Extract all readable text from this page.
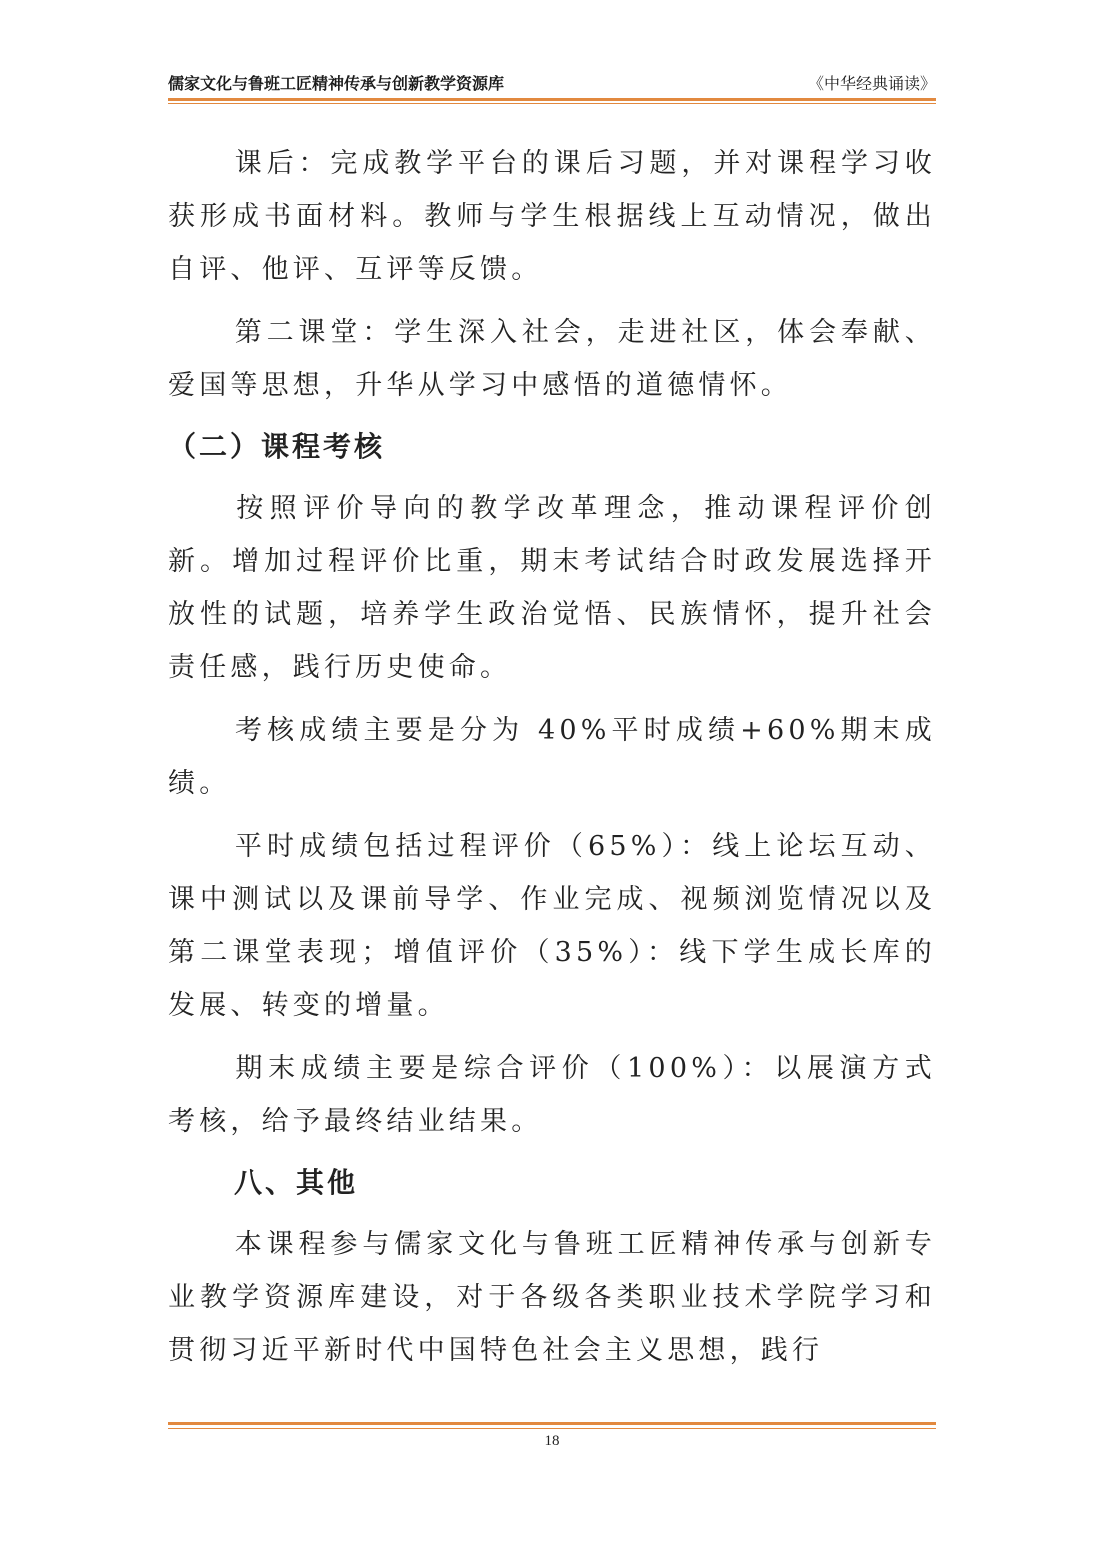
儒家文化与鲁班工匠精神传承与创新教学资源库	《中华经典诵读》

课后：完成教学平台的课后习题，并对课程学习收获形成书面材料。教师与学生根据线上互动情况，做出自评、他评、互评等反馈。

第二课堂：学生深入社会，走进社区，体会奉献、爱国等思想，升华从学习中感悟的道德情怀。

（二）课程考核

按照评价导向的教学改革理念，推动课程评价创新。增加过程评价比重，期末考试结合时政发展选择开放性的试题，培养学生政治觉悟、民族情怀，提升社会责任感，践行历史使命。

考核成绩主要是分为 40%平时成绩+60%期末成绩。

平时成绩包括过程评价（65%）：线上论坛互动、课中测试以及课前导学、作业完成、视频浏览情况以及第二课堂表现；增值评价（35%）：线下学生成长库的发展、转变的增量。

期末成绩主要是综合评价（100%）：以展演方式考核，给予最终结业结果。

八、其他

本课程参与儒家文化与鲁班工匠精神传承与创新专业教学资源库建设，对于各级各类职业技术学院学习和贯彻习近平新时代中国特色社会主义思想，践行

18
